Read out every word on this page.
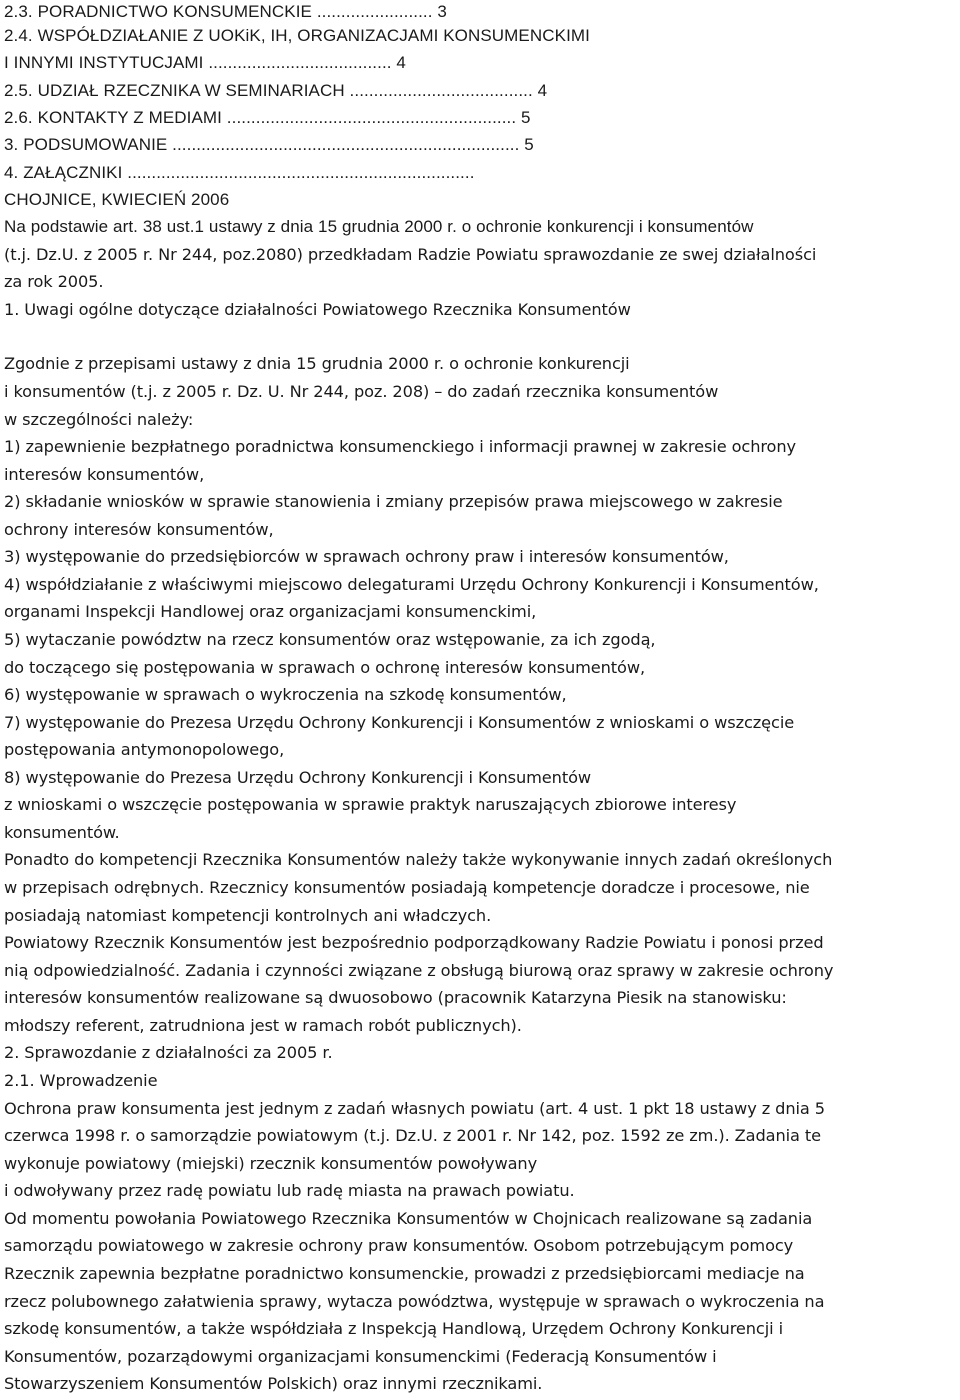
2.3. PORADNICTWO KONSUMENCKIE ........................ 3
2.4. WSPÓŁDZIAŁANIE Z UOKiK, IH, ORGANIZACJAMI KONSUMENCKIMI
I INNYMI INSTYTUCJAMI ...................................... 4
2.5. UDZIAŁ RZECZNIKA W SEMINARIACH ...................................... 4
2.6. KONTAKTY Z MEDIAMI ............................................................ 5
3. PODSUMOWANIE ........................................................................ 5
4. ZAŁĄCZNIKI ........................................................................
CHOJNICE, KWIECIEŃ 2006
Na podstawie art. 38 ust.1 ustawy z dnia 15 grudnia 2000 r. o ochronie konkurencji i konsumentów
(t.j. Dz.U. z 2005 r. Nr 244, poz.2080) przedkładam Radzie Powiatu sprawozdanie ze swej działalności
za rok 2005.
1. Uwagi ogólne dotyczące działalności Powiatowego Rzecznika Konsumentów
Zgodnie z przepisami ustawy z dnia 15 grudnia 2000 r. o ochronie konkurencji
i konsumentów (t.j. z 2005 r. Dz. U. Nr 244, poz. 208) – do zadań rzecznika konsumentów
w szczególności należy:
1) zapewnienie bezpłatnego poradnictwa konsumenckiego i informacji prawnej w zakresie ochrony
interesów konsumentów,
2) składanie wniosków w sprawie stanowienia i zmiany przepisów prawa miejscowego w zakresie
ochrony interesów konsumentów,
3) występowanie do przedsiębiorców w sprawach ochrony praw i interesów konsumentów,
4) współdziałanie z właściwymi miejscowo delegaturami Urzędu Ochrony Konkurencji i Konsumentów,
organami Inspekcji Handlowej oraz organizacjami konsumenckimi,
5) wytaczanie powództw na rzecz konsumentów oraz wstępowanie, za ich zgodą,
do toczącego się postępowania w sprawach o ochronę interesów konsumentów,
6) występowanie w sprawach o wykroczenia na szkodę konsumentów,
7) występowanie do Prezesa Urzędu Ochrony Konkurencji i Konsumentów z wnioskami o wszczęcie
postępowania antymonopolowego,
8) występowanie do Prezesa Urzędu Ochrony Konkurencji i Konsumentów
z wnioskami o wszczęcie postępowania w sprawie praktyk naruszających zbiorowe interesy
konsumentów.
Ponadto do kompetencji Rzecznika Konsumentów należy także wykonywanie innych zadań określonych
w przepisach odrębnych. Rzecznicy konsumentów posiadają kompetencje doradcze i procesowe, nie
posiadają natomiast kompetencji kontrolnych ani władczych.
Powiatowy Rzecznik Konsumentów jest bezpośrednio podporządkowany Radzie Powiatu i ponosi przed
nią odpowiedzialność. Zadania i czynności związane z obsługą biurową oraz sprawy w zakresie ochrony
interesów konsumentów realizowane są dwuosobowo (pracownik Katarzyna Piesik na stanowisku:
młodszy referent, zatrudniona jest w ramach robót publicznych).
2. Sprawozdanie z działalności za 2005 r.
2.1. Wprowadzenie
Ochrona praw konsumenta jest jednym z zadań własnych powiatu (art. 4 ust. 1 pkt 18 ustawy z dnia 5
czerwca 1998 r. o samorządzie powiatowym (t.j. Dz.U. z 2001 r. Nr 142, poz. 1592 ze zm.). Zadania te
wykonuje powiatowy (miejski) rzecznik konsumentów powoływany
i odwoływany przez radę powiatu lub radę miasta na prawach powiatu.
Od momentu powołania Powiatowego Rzecznika Konsumentów w Chojnicach realizowane są zadania
samorządu powiatowego w zakresie ochrony praw konsumentów. Osobom potrzebującym pomocy
Rzecznik zapewnia bezpłatne poradnictwo konsumenckie, prowadzi z przedsiębiorcami mediacje na
rzecz polubownego załatwienia sprawy, wytacza powództwa, występuje w sprawach o wykroczenia na
szkodę konsumentów, a także współdziała z Inspekcją Handlową, Urzędem Ochrony Konkurencji i
Konsumentów, pozarządowymi organizacjami konsumenckimi (Federacją Konsumentów i
Stowarzyszeniem Konsumentów Polskich) oraz innymi rzecznikami.
